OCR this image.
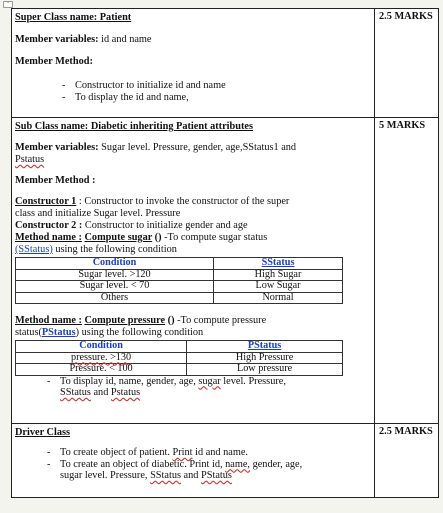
+

Super Class name: Patient

Member variables: id and name

Member Method:

- Constructor to initialize id and name
- To display the id and name,
	2.5 MARKS

Sub Class name: Diabetic inheriting Patient attributes

Member variables: Sugar level. Pressure, gender, age,SStatus1 and

Pstatus

Member Method :

Constructor 1 : Constructor to invoke the constructor of the super

class and initialize Sugar level. Pressure

Constructor 2 : Constructor to initialize gender and age

Method name : Compute sugar () -To compute sugar status

(SStatus) using the following condition

Condition	SStatus
Sugar level. >120	High Sugar
Sugar level. < 70	Low Sugar
Others	Normal

Method name : Compute pressure () -To compute pressure

status(PStatus) using the following condition

Condition	PStatus
pressure. >130	High Pressure
Pressure. < 100	Low pressure
- To display id, name, gender, age, sugar level. Pressure,
SStatus and Pstatus
	5 MARKS

Driver Class

- To create object of patient. Print id and name.
- To create an object of diabetic. Print id, name, gender, age,
sugar level. Pressure, SStatus and PStatus
	2.5 MARKS
